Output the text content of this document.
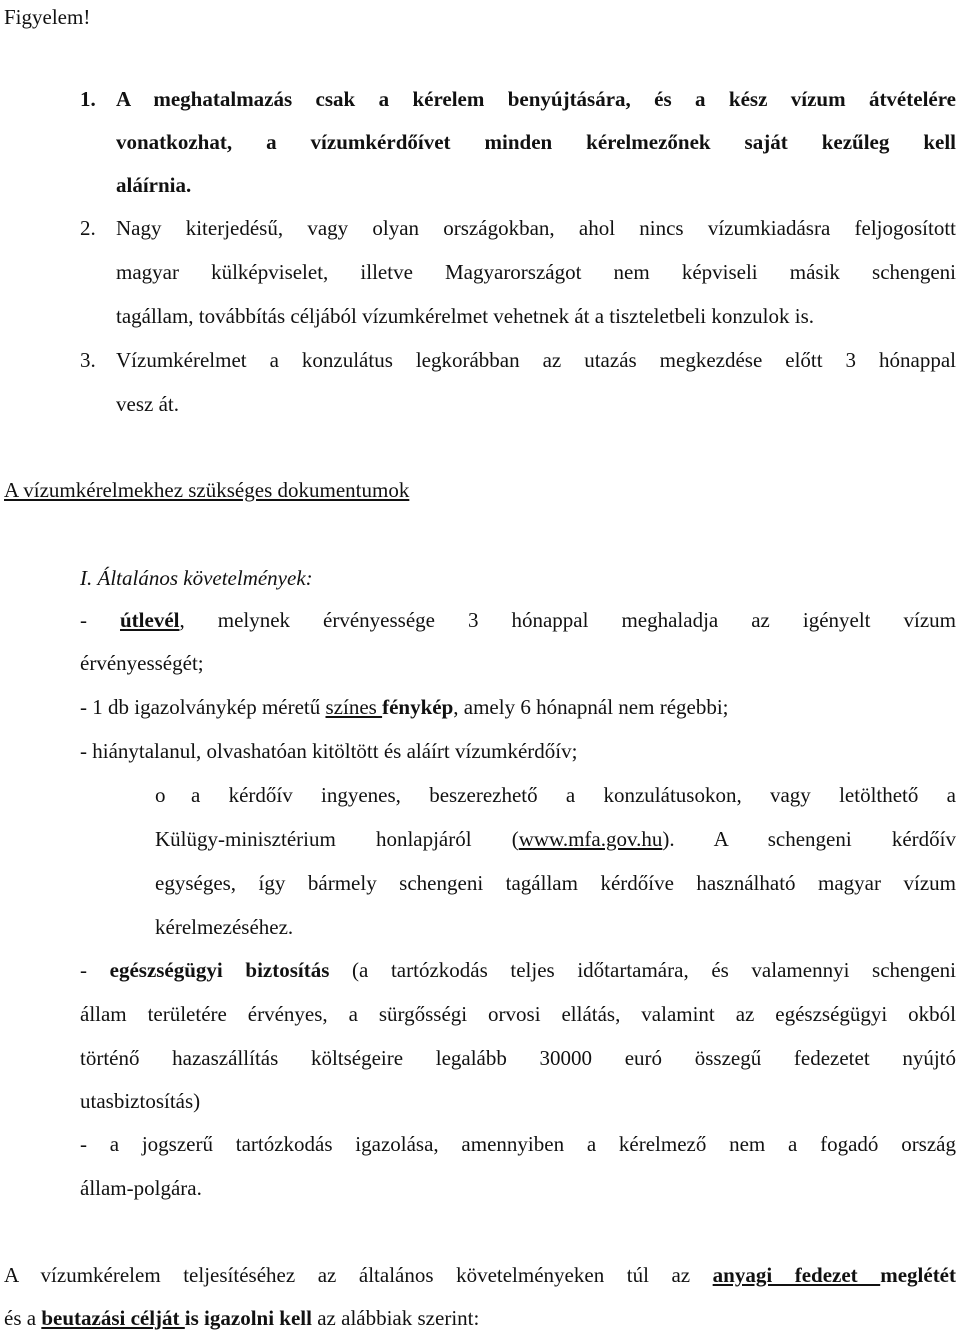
Figyelem!
1. A meghatalmazás csak a kérelem benyújtására, és a kész vízum átvételére
vonatkozhat, a vízumkérdőívet minden kérelmezőnek saját kezűleg kell
aláírnia.
2. Nagy kiterjedésű, vagy olyan országokban, ahol nincs vízumkiadásra feljogosított
magyar külképviselet, illetve Magyarországot nem képviseli másik schengeni
tagállam, továbbítás céljából vízumkérelmet vehetnek át a tiszteletbeli konzulok is.
3. Vízumkérelmet a konzulátus legkorábban az utazás megkezdése előtt 3 hónappal
vesz át.
A vízumkérelmekhez szükséges dokumentumok
I. Általános követelmények:
- útlevél, melynek érvényessége 3 hónappal meghaladja az igényelt vízum
érvényességét;
- 1 db igazolványkép méretű színes fénykép, amely 6 hónapnál nem régebbi;
- hiánytalanul, olvashatóan kitöltött és aláírt vízumkérdőív;
o a kérdőív ingyenes, beszerezhető a konzulátusokon, vagy letölthető a
Külügy-minisztérium honlapjáról (www.mfa.gov.hu). A schengeni kérdőív
egységes, így bármely schengeni tagállam kérdőíve használható magyar vízum
kérelmezéséhez.
- egészségügyi biztosítás (a tartózkodás teljes időtartamára, és valamennyi schengeni
állam területére érvényes, a sürgősségi orvosi ellátás, valamint az egészségügyi okból
történő hazaszállítás költségeire legalább 30000 euró összegű fedezetet nyújtó
utasbiztosítás)
- a jogszerű tartózkodás igazolása, amennyiben a kérelmező nem a fogadó ország
állam-polgára.
A vízumkérelem teljesítéséhez az általános követelményeken túl az anyagi fedezet meglétét
és a beutazási célját is igazolni kell az alábbiak szerint:
